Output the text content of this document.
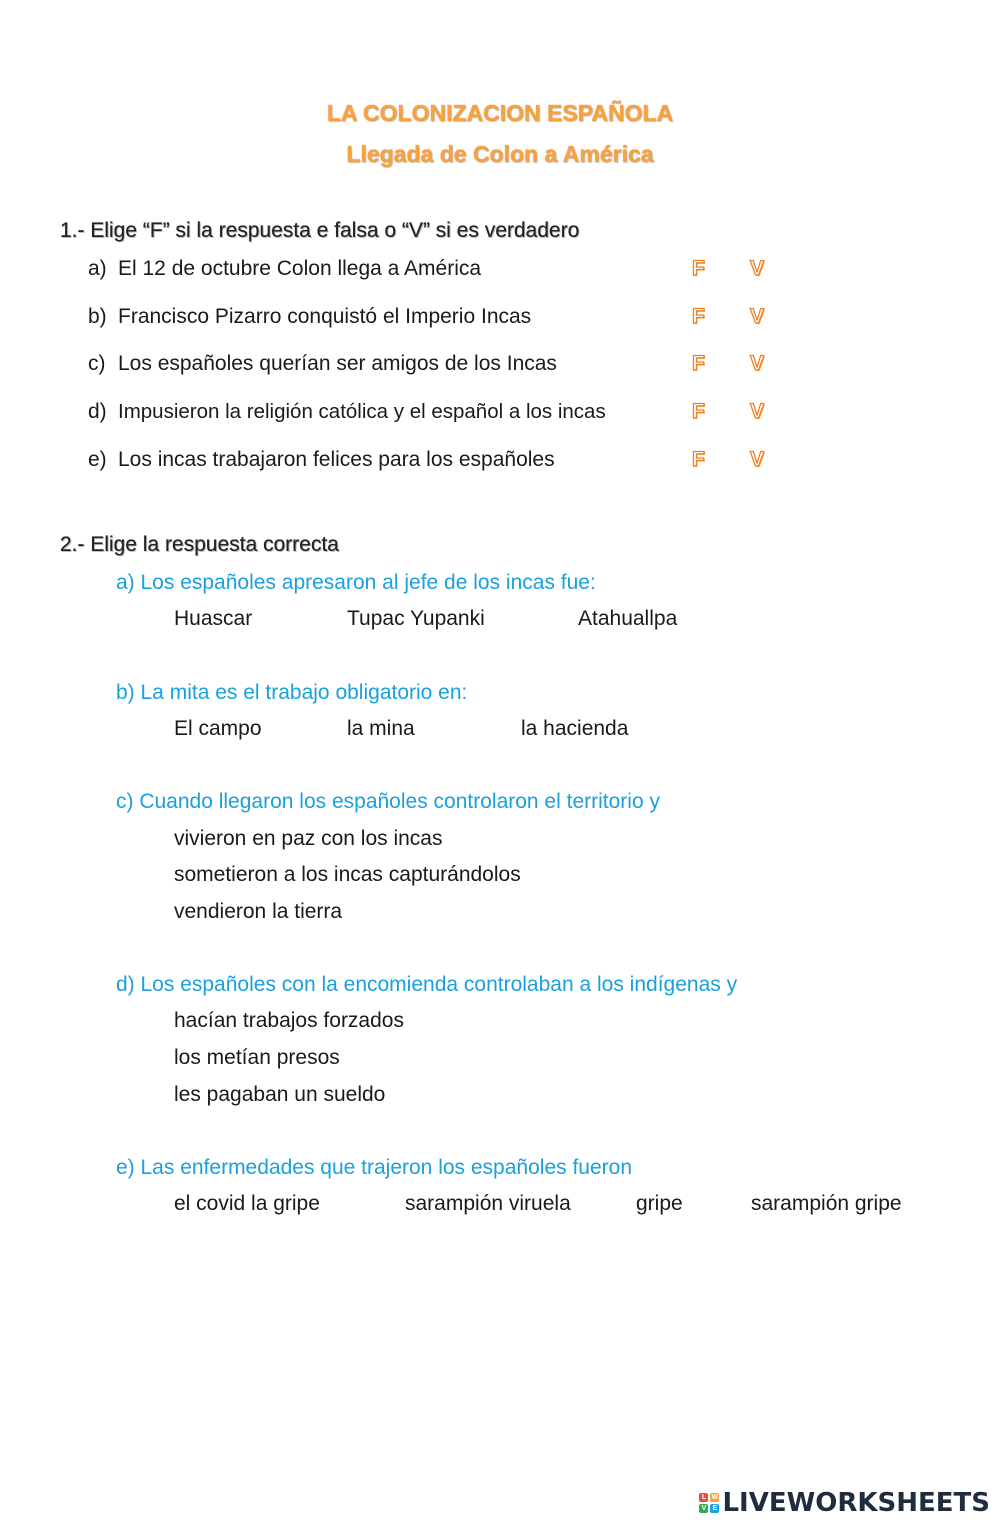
LA COLONIZACION ESPAÑOLA
Llegada de Colon a América
1.- Elige “F” si la respuesta e falsa o “V” si es verdadero
a) El 12 de octubre Colon llega a América	F V
b) Francisco Pizarro conquistó el Imperio Incas	F V
c) Los españoles querían ser amigos de los Incas	F V
d) Impusieron la religión católica y el español a los incas	F V
e) Los incas trabajaron felices para los españoles	F V
2.- Elige la respuesta correcta
a) Los españoles apresaron al jefe de los incas fue:
Huascar	Tupac Yupanki	Atahuallpa
b) La mita es el trabajo obligatorio en:
El campo	la mina	la hacienda
c) Cuando llegaron los españoles controlaron el territorio y
vivieron en paz con los incas
sometieron a los incas capturándolos
vendieron la tierra
d) Los españoles con la encomienda controlaban a los indígenas y
hacían trabajos forzados
los metían presos
les pagaban un sueldo
e) Las enfermedades que trajeron los españoles fueron
el covid la gripe	sarampión viruela	gripe	sarampión gripe
L W
V E LIVEWORKSHEETS
